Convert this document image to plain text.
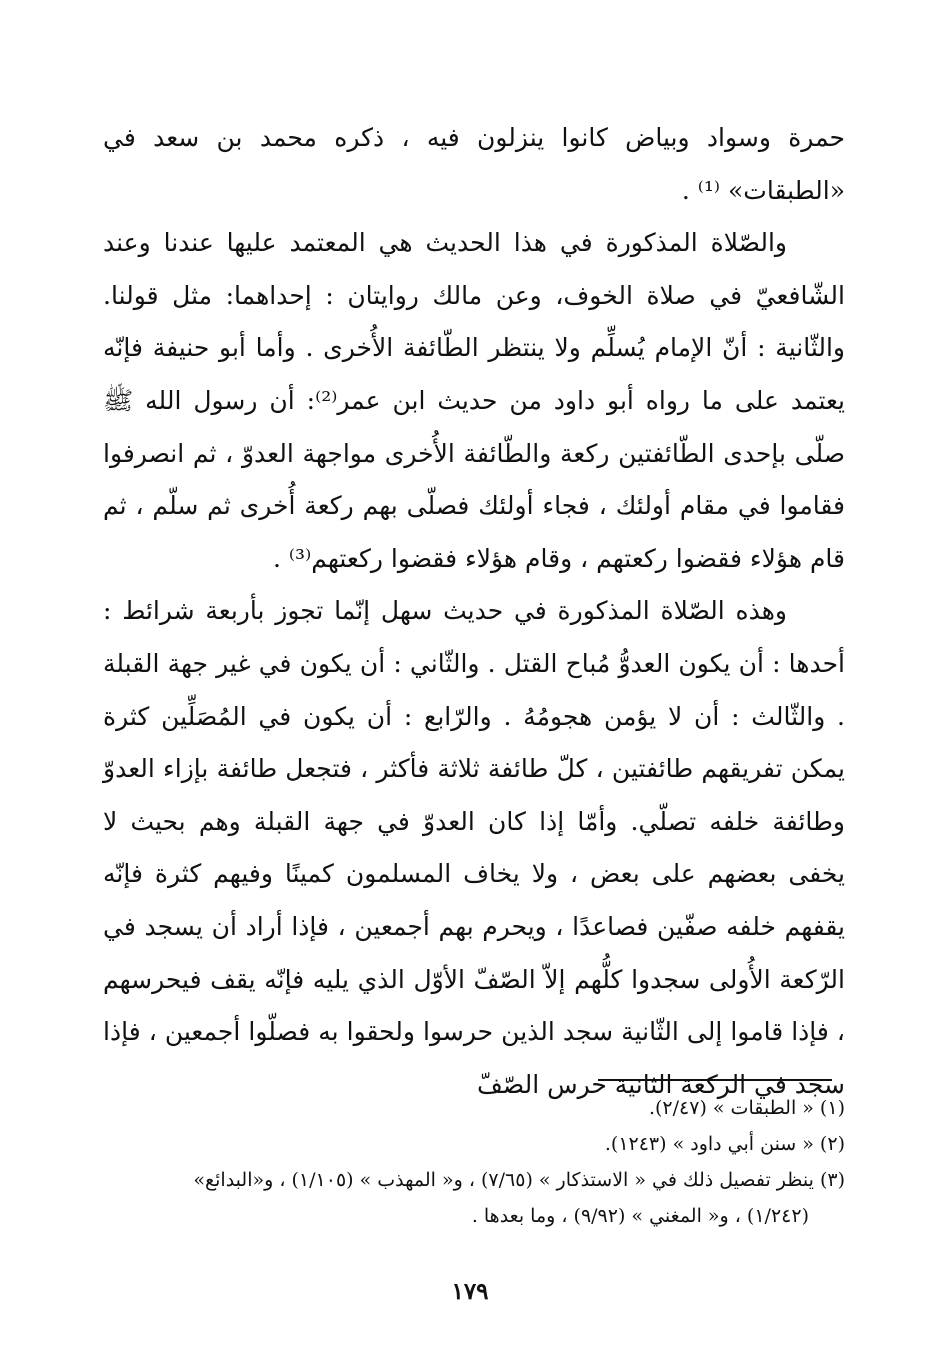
حمرة وسواد وبياض كانوا ينزلون فيه ، ذكره محمد بن سعد في «الطبقات» ⁽¹⁾ .

والصّلاة المذكورة في هذا الحديث هي المعتمد عليها عندنا وعند الشّافعيّ في صلاة الخوف، وعن مالك روايتان : إحداهما: مثل قولنا. والثّانية : أنّ الإمام يُسلِّم ولا ينتظر الطّائفة الأُخرى . وأما أبو حنيفة فإنّه يعتمد على ما رواه أبو داود من حديث ابن عمر⁽²⁾: أن رسول الله ﷺ صلّى بإحدى الطّائفتين ركعة والطّائفة الأُخرى مواجهة العدوّ ، ثم انصرفوا فقاموا في مقام أولئك ، فجاء أولئك فصلّى بهم ركعة أُخرى ثم سلّم ، ثم قام هؤلاء فقضوا ركعتهم ، وقام هؤلاء فقضوا ركعتهم⁽³⁾ .

وهذه الصّلاة المذكورة في حديث سهل إنّما تجوز بأربعة شرائط : أحدها : أن يكون العدوُّ مُباح القتل . والثّاني : أن يكون في غير جهة القبلة . والثّالث : أن لا يؤمن هجومُهُ . والرّابع : أن يكون في المُصَلِّين كثرة يمكن تفريقهم طائفتين ، كلّ طائفة ثلاثة فأكثر ، فتجعل طائفة بإزاء العدوّ وطائفة خلفه تصلّي. وأمّا إذا كان العدوّ في جهة القبلة وهم بحيث لا يخفى بعضهم على بعض ، ولا يخاف المسلمون كمينًا وفيهم كثرة فإنّه يقفهم خلفه صفّين فصاعدًا ، ويحرم بهم أجمعين ، فإذا أراد أن يسجد في الرّكعة الأُولى سجدوا كلُّهم إلاّ الصّفّ الأوّل الذي يليه فإنّه يقف فيحرسهم ، فإذا قاموا إلى الثّانية سجد الذين حرسوا ولحقوا به فصلّوا أجمعين ، فإذا سجد في الركعة الثانية حرس الصّفّ

(١) « الطبقات » (٢/٤٧).

(٢) « سنن أبي داود » (١٢٤٣).

(٣) ينظر تفصيل ذلك في « الاستذكار » (٧/٦٥) ، و« المهذب » (١/١٠٥) ، و«البدائع»

(١/٢٤٢) ، و« المغني » (٩/٩٢) ، وما بعدها .

١٧٩
